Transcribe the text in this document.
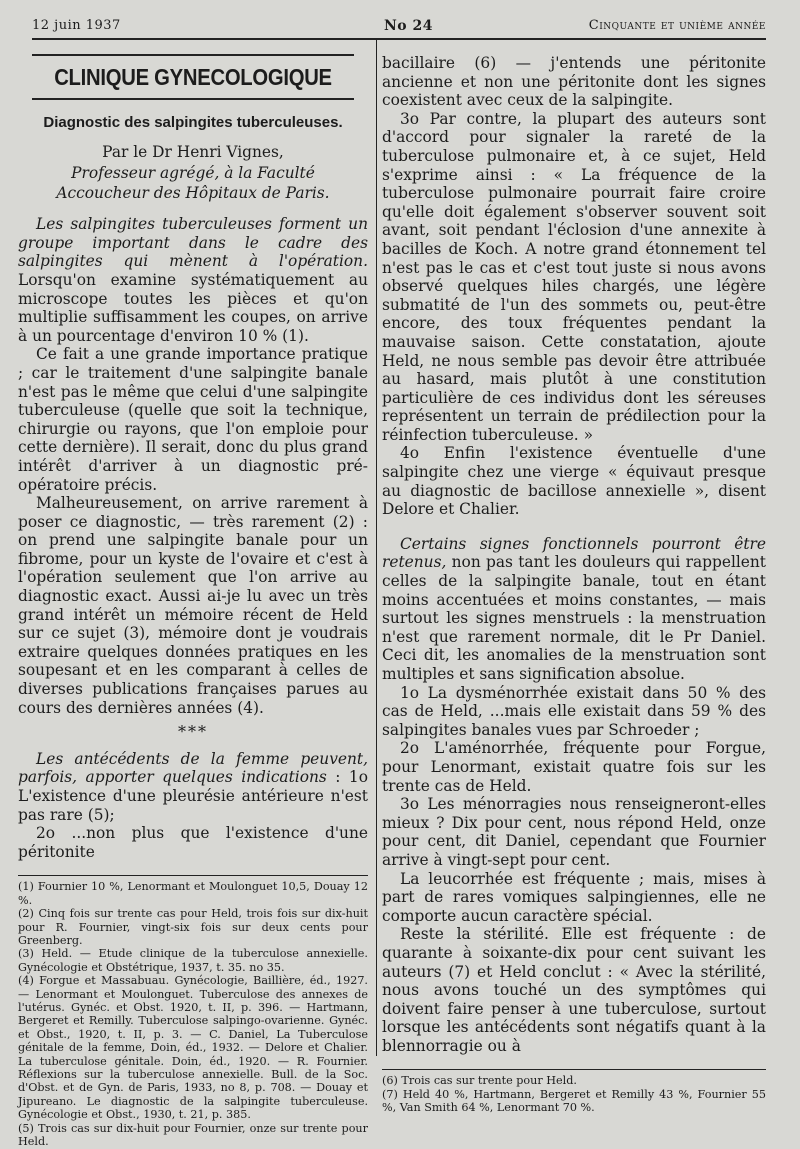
12 juin 1937	No 24	Cinquante et unième année
CLINIQUE GYNECOLOGIQUE
Diagnostic des salpingites tuberculeuses.
Par le Dr Henri Vignes,
Professeur agrégé, à la Faculté
Accoucheur des Hôpitaux de Paris.

Les salpingites tuberculeuses forment un groupe important dans le cadre des salpingites qui mènent à l'opération. Lorsqu'on examine systématiquement au microscope toutes les pièces et qu'on multiplie suffisamment les coupes, on arrive à un pourcentage d'environ 10 % (1).

Ce fait a une grande importance pratique ; car le traitement d'une salpingite banale n'est pas le même que celui d'une salpingite tuberculeuse (quelle que soit la technique, chirurgie ou rayons, que l'on emploie pour cette dernière). Il serait, donc du plus grand intérêt d'arriver à un diagnostic pré-opératoire précis.

Malheureusement, on arrive rarement à poser ce diagnostic, — très rarement (2) : on prend une salpingite banale pour un fibrome, pour un kyste de l'ovaire et c'est à l'opération seulement que l'on arrive au diagnostic exact. Aussi ai-je lu avec un très grand intérêt un mémoire récent de Held sur ce sujet (3), mémoire dont je voudrais extraire quelques données pratiques en les soupesant et en les comparant à celles de diverses publications françaises parues au cours des dernières années (4).

***

Les antécédents de la femme peuvent, parfois, apporter quelques indications : 1o L'existence d'une pleurésie antérieure n'est pas rare (5);

2o ...non plus que l'existence d'une péritonite

(1) Fournier 10 %, Lenormant et Moulonguet 10,5, Douay 12 %.
(2) Cinq fois sur trente cas pour Held, trois fois sur dix-huit pour R. Fournier, vingt-six fois sur deux cents pour Greenberg.
(3) Held. — Etude clinique de la tuberculose annexielle. Gynécologie et Obstétrique, 1937, t. 35. no 35.
(4) Forgue et Massabuau. Gynécologie, Baillière, éd., 1927. — Lenormant et Moulonguet. Tuberculose des annexes de l'utérus. Gynéc. et Obst. 1920, t. II, p. 396. — Hartmann, Bergeret et Remilly. Tuberculose salpingo-ovarienne. Gynéc. et Obst., 1920, t. II, p. 3. — C. Daniel, La Tuberculose génitale de la femme, Doin, éd., 1932. — Delore et Chalier. La tuberculose génitale. Doin, éd., 1920. — R. Fournier. Réflexions sur la tuberculose annexielle. Bull. de la Soc. d'Obst. et de Gyn. de Paris, 1933, no 8, p. 708. — Douay et Jipureano. Le diagnostic de la salpingite tuberculeuse. Gynécologie et Obst., 1930, t. 21, p. 385.
(5) Trois cas sur dix-huit pour Fournier, onze sur trente pour Held.

bacillaire (6) — j'entends une péritonite ancienne et non une péritonite dont les signes coexistent avec ceux de la salpingite.

3o Par contre, la plupart des auteurs sont d'accord pour signaler la rareté de la tuberculose pulmonaire et, à ce sujet, Held s'exprime ainsi : « La fréquence de la tuberculose pulmonaire pourrait faire croire qu'elle doit également s'observer souvent soit avant, soit pendant l'éclosion d'une annexite à bacilles de Koch. A notre grand étonnement tel n'est pas le cas et c'est tout juste si nous avons observé quelques hiles chargés, une légère submatité de l'un des sommets ou, peut-être encore, des toux fréquentes pendant la mauvaise saison. Cette constatation, ajoute Held, ne nous semble pas devoir être attribuée au hasard, mais plutôt à une constitution particulière de ces individus dont les séreuses représentent un terrain de prédilection pour la réinfection tuberculeuse. »

4o Enfin l'existence éventuelle d'une salpingite chez une vierge « équivaut presque au diagnostic de bacillose annexielle », disent Delore et Chalier.

Certains signes fonctionnels pourront être retenus, non pas tant les douleurs qui rappellent celles de la salpingite banale, tout en étant moins accentuées et moins constantes, — mais surtout les signes menstruels : la menstruation n'est que rarement normale, dit le Pr Daniel. Ceci dit, les anomalies de la menstruation sont multiples et sans signification absolue.

1o La dysménorrhée existait dans 50 % des cas de Held, ...mais elle existait dans 59 % des salpingites banales vues par Schroeder ;

2o L'aménorrhée, fréquente pour Forgue, pour Lenormant, existait quatre fois sur les trente cas de Held.

3o Les ménorragies nous renseigneront-elles mieux ? Dix pour cent, nous répond Held, onze pour cent, dit Daniel, cependant que Fournier arrive à vingt-sept pour cent.

La leucorrhée est fréquente ; mais, mises à part de rares vomiques salpingiennes, elle ne comporte aucun caractère spécial.

Reste la stérilité. Elle est fréquente : de quarante à soixante-dix pour cent suivant les auteurs (7) et Held conclut : « Avec la stérilité, nous avons touché un des symptômes qui doivent faire penser à une tuberculose, surtout lorsque les antécédents sont négatifs quant à la blennorragie ou à

(6) Trois cas sur trente pour Held.
(7) Held 40 %, Hartmann, Bergeret et Remilly 43 %, Fournier 55 %, Van Smith 64 %, Lenormant 70 %.
